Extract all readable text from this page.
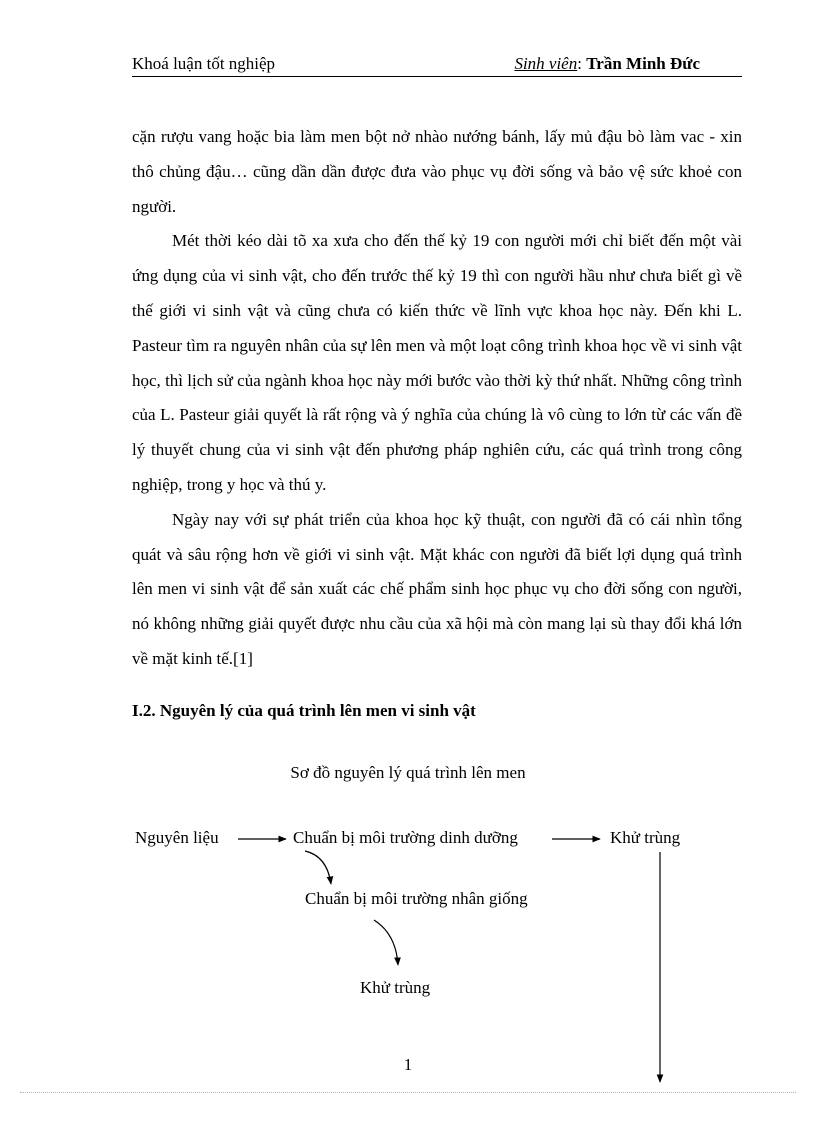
Khoá luận tốt nghiệp	Sinh viên: Trần Minh Đức

cặn rượu vang hoặc bia làm men bột nở nhào nướng bánh, lấy mủ đậu bò làm vac - xin thô chủng đậu… cũng dần dần được đưa vào phục vụ đời sống và bảo vệ sức khoẻ con người.

Mét thời kéo dài tõ xa xưa cho đến thế kỷ 19 con người mới chỉ biết đến một vài ứng dụng của vi sinh vật, cho đến trước thế kỷ 19 thì con người hầu như chưa biết gì về thế giới vi sinh vật và cũng chưa có kiến thức về lĩnh vực khoa học này. Đến khi L. Pasteur tìm ra nguyên nhân của sự lên men và một loạt công trình khoa học về vi sinh vật học, thì lịch sử của ngành khoa học này mới bước vào thời kỳ thứ nhất. Những công trình của L. Pasteur giải quyết là rất rộng và ý nghĩa của chúng là vô cùng to lớn từ các vấn đề lý thuyết chung của vi sinh vật đến phương pháp nghiên cứu, các quá trình trong công nghiệp, trong y học và thú y.

Ngày nay với sự phát triển của khoa học kỹ thuật, con người đã có cái nhìn tổng quát và sâu rộng hơn về giới vi sinh vật. Mặt khác con người đã biết lợi dụng quá trình lên men vi sinh vật để sản xuất các chế phẩm sinh học phục vụ cho đời sống con người, nó không những giải quyết được nhu cầu của xã hội mà còn mang lại sù thay đổi khá lớn về mặt kinh tế.[1]

I.2. Nguyên lý của quá trình lên men vi sinh vật
Sơ đồ nguyên lý quá trình lên men
Nguyên liệu	Chuẩn bị môi trường dinh dưỡng	Khử trùng
Chuẩn bị môi trường nhân giống
Khử trùng
1
